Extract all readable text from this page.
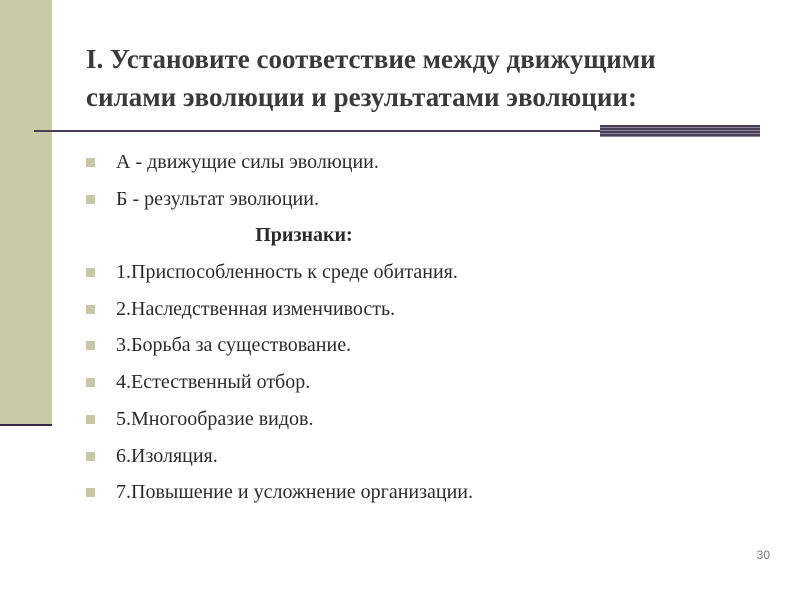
I. Установите соответствие между движущими
силами эволюции и результатами эволюции:
А - движущие силы эволюции.
Б - результат эволюции.
Признаки:
1.Приспособленность к среде обитания.
2.Наследственная изменчивость.
3.Борьба за существование.
4.Естественный отбор.
5.Многообразие видов.
6.Изоляция.
7.Повышение и усложнение организации.
30
